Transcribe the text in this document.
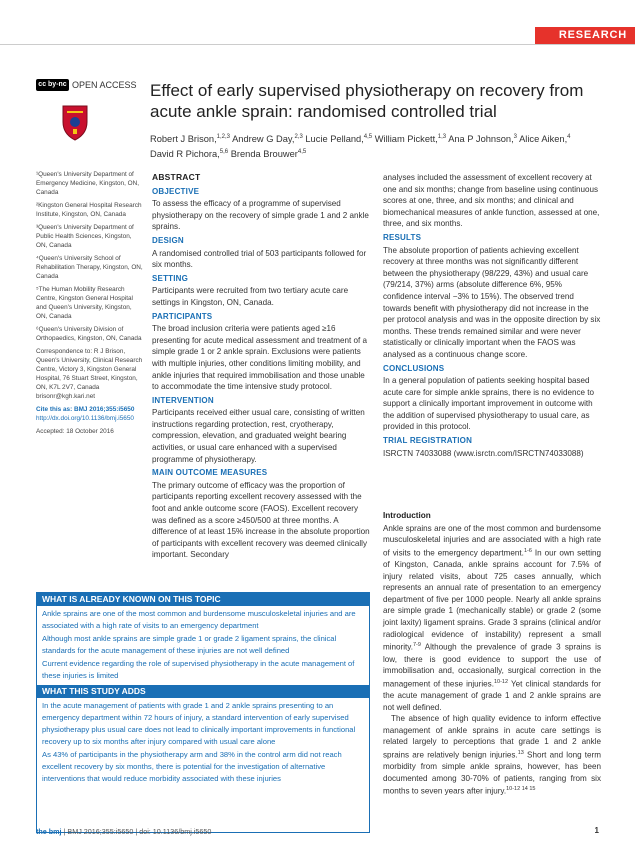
RESEARCH
cc by-nc OPEN ACCESS Effect of early supervised physiotherapy on recovery from acute ankle sprain: randomised controlled trial
Robert J Brison,$^{1,2,3}$ Andrew G Day,$^{2,3}$ Lucie Pelland,$^{4,5}$ William Pickett,$^{1,3}$ Ana P Johnson,$^3$ Alice Aiken,$^4$
David R Pichora,$^{5,6}$ Brenda Brouwer$^{4,5}$

¹Queen's University Department of Emergency Medicine, Kingston, ON, Canada

²Kingston General Hospital Research Institute, Kingston, ON, Canada

³Queen's University Department of Public Health Sciences, Kingston, ON, Canada

⁴Queen's University School of Rehabilitation Therapy, Kingston, ON, Canada

⁵The Human Mobility Research Centre, Kingston General Hospital and Queen's University, Kingston, ON, Canada

⁶Queen's University Division of Orthopaedics, Kingston, ON, Canada

Correspondence to: R J Brison, Queen's University, Clinical Research Centre, Victory 3, Kingston General Hospital, 76 Stuart Street, Kingston, ON, K7L 2V7, Canada brisonr@kgh.kari.net

Cite this as: BMJ 2016;355:i5650

http://dx.doi.org/10.1136/bmj.i5650

Accepted: 18 October 2016

ABSTRACT
OBJECTIVE

To assess the efficacy of a programme of supervised physiotherapy on the recovery of simple grade 1 and 2 ankle sprains.

DESIGN

A randomised controlled trial of 503 participants followed for six months.

SETTING

Participants were recruited from two tertiary acute care settings in Kingston, ON, Canada.

PARTICIPANTS

The broad inclusion criteria were patients aged ≥16 presenting for acute medical assessment and treatment of a simple grade 1 or 2 ankle sprain. Exclusions were patients with multiple injuries, other conditions limiting mobility, and ankle injuries that required immobilisation and those unable to accommodate the time intensive study protocol.

INTERVENTION

Participants received either usual care, consisting of written instructions regarding protection, rest, cryotherapy, compression, elevation, and graduated weight bearing activities, or usual care enhanced with a supervised programme of physiotherapy.

MAIN OUTCOME MEASURES

The primary outcome of efficacy was the proportion of participants reporting excellent recovery assessed with the foot and ankle outcome score (FAOS). Excellent recovery was defined as a score ≥450/500 at three months. A difference of at least 15% increase in the absolute proportion of participants with excellent recovery was deemed clinically important. Secondary

analyses included the assessment of excellent recovery at one and six months; change from baseline using continuous scores at one, three, and six months; and clinical and biomechanical measures of ankle function, assessed at one, three, and six months.

RESULTS

The absolute proportion of patients achieving excellent recovery at three months was not significantly different between the physiotherapy (98/229, 43%) and usual care (79/214, 37%) arms (absolute difference 6%, 95% confidence interval −3% to 15%). The observed trend towards benefit with physiotherapy did not increase in the per protocol analysis and was in the opposite direction by six months. These trends remained similar and were never statistically or clinically important when the FAOS was analysed as a continuous change score.

CONCLUSIONS

In a general population of patients seeking hospital based acute care for simple ankle sprains, there is no evidence to support a clinically important improvement in outcome with the addition of supervised physiotherapy to usual care, as provided in this protocol.

TRIAL REGISTRATION

ISRCTN 74033088 (www.isrctn.com/ISRCTN74033088)

Introduction

Ankle sprains are one of the most common and burdensome musculoskeletal injuries and are associated with a high rate of visits to the emergency department.$^{1-6}$ In our own setting of Kingston, Canada, ankle sprains account for 7.5% of injury related visits, about 725 cases annually, which represents an annual rate of presentation to an emergency department of five per 1000 people. Nearly all ankle sprains are simple grade 1 (mechanically stable) or grade 2 (some joint laxity) ligament sprains. Grade 3 sprains (clinical and/or radiological evidence of instability) represent a small minority.$^{7-9}$ Although the prevalence of grade 3 sprains is low, there is good evidence to support the use of immobilisation and, occasionally, surgical correction in the management of these injuries.$^{10-12}$ Yet clinical standards for the acute management of grade 1 and 2 ankle sprains are not well defined.

The absence of high quality evidence to inform effective management of ankle sprains in acute care settings is related largely to perceptions that grade 1 and 2 ankle sprains are relatively benign injuries.$^{13}$ Short and long term morbidity from simple ankle sprains, however, has been documented among 30-70% of patients, ranging from six months to seven years after injury.$^{10-12 14 15}$

WHAT IS ALREADY KNOWN ON THIS TOPIC

Ankle sprains are one of the most common and burdensome musculoskeletal injuries and are associated with a high rate of visits to an emergency department

Although most ankle sprains are simple grade 1 or grade 2 ligament sprains, the clinical standards for the acute management of these injuries are not well defined

Current evidence regarding the role of supervised physiotherapy in the acute management of these injuries is limited

WHAT THIS STUDY ADDS

In the acute management of patients with grade 1 and 2 ankle sprains presenting to an emergency department within 72 hours of injury, a standard intervention of early supervised physiotherapy plus usual care does not lead to clinically important improvements in functional recovery up to six months after injury compared with usual care alone

As 43% of participants in the physiotherapy arm and 38% in the control arm did not reach excellent recovery by six months, there is potential for the investigation of alternative interventions that would reduce morbidity associated with these injuries

the bmj | BMJ 2016;355:i5650 | doi: 10.1136/bmj.i5650	1
